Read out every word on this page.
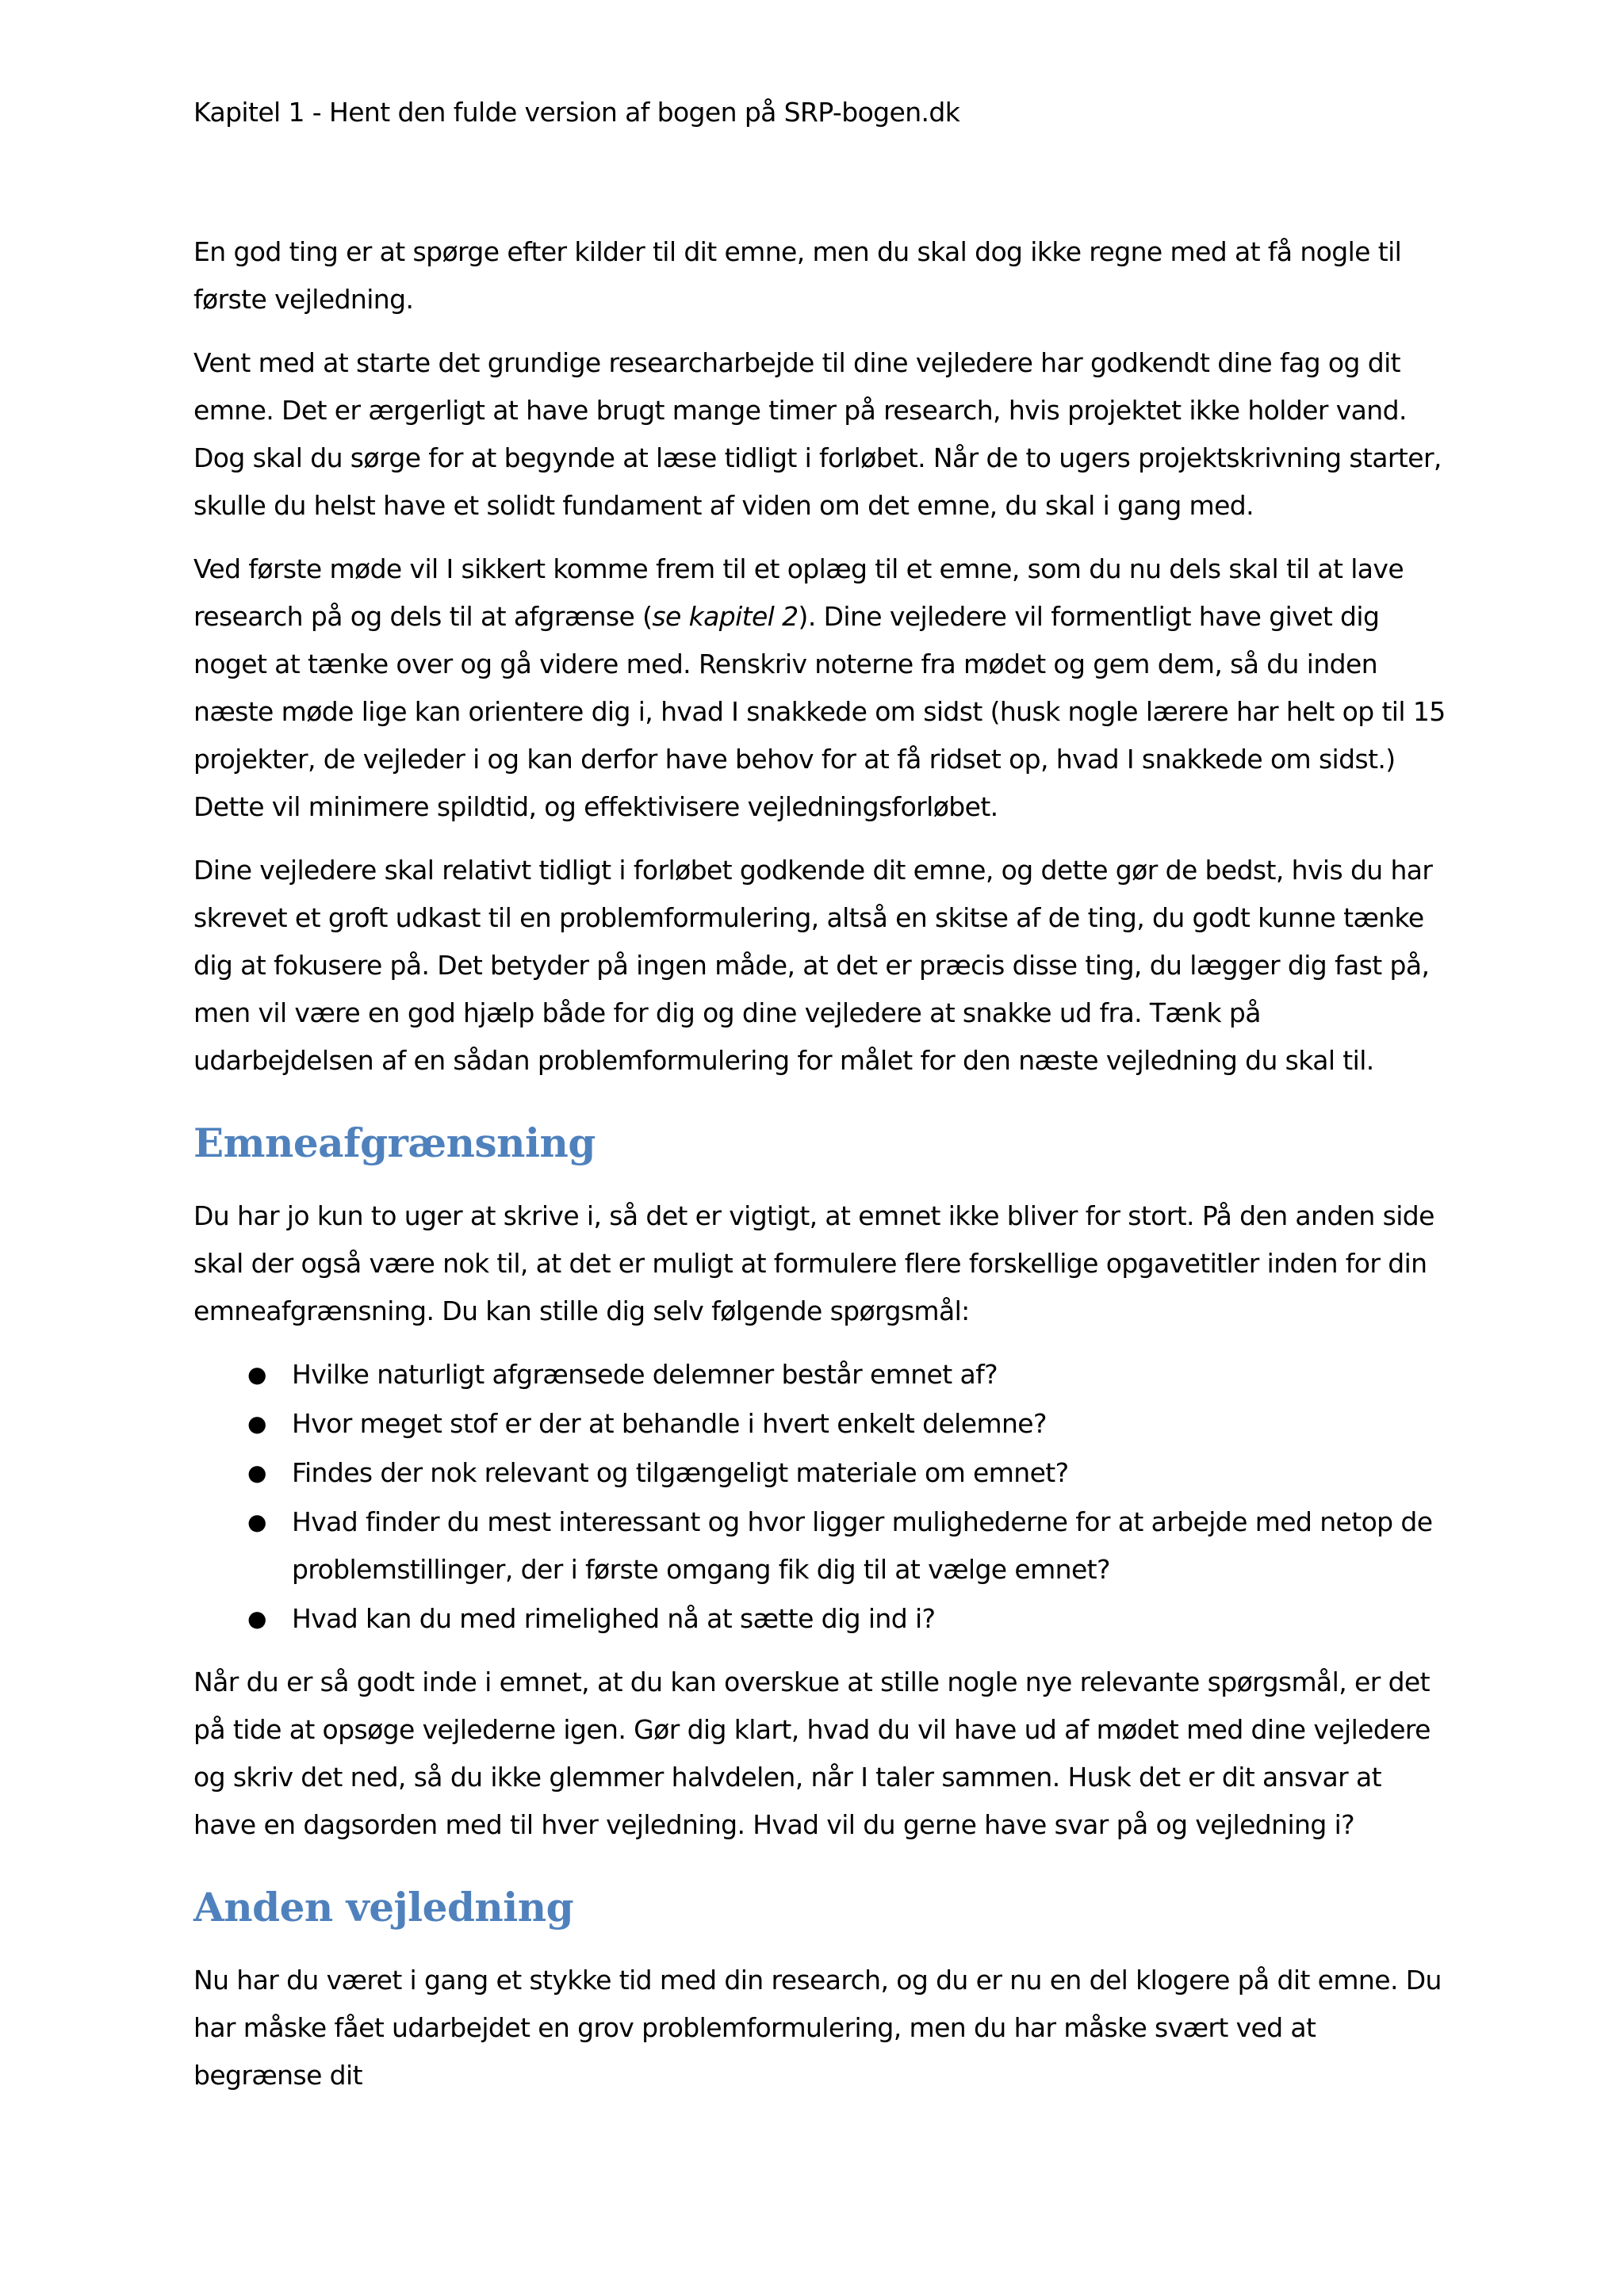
Kapitel 1 - Hent den fulde version af bogen på SRP-bogen.dk

En god ting er at spørge efter kilder til dit emne, men du skal dog ikke regne med at få nogle til første vejledning.

Vent med at starte det grundige researcharbejde til dine vejledere har godkendt dine fag og dit emne. Det er ærgerligt at have brugt mange timer på research, hvis projektet ikke holder vand. Dog skal du sørge for at begynde at læse tidligt i forløbet. Når de to ugers projektskrivning starter, skulle du helst have et solidt fundament af viden om det emne, du skal i gang med.

Ved første møde vil I sikkert komme frem til et oplæg til et emne, som du nu dels skal til at lave research på og dels til at afgrænse (se kapitel 2). Dine vejledere vil formentligt have givet dig noget at tænke over og gå videre med. Renskriv noterne fra mødet og gem dem, så du inden næste møde lige kan orientere dig i, hvad I snakkede om sidst (husk nogle lærere har helt op til 15 projekter, de vejleder i og kan derfor have behov for at få ridset op, hvad I snakkede om sidst.) Dette vil minimere spildtid, og effektivisere vejledningsforløbet.

Dine vejledere skal relativt tidligt i forløbet godkende dit emne, og dette gør de bedst, hvis du har skrevet et groft udkast til en problemformulering, altså en skitse af de ting, du godt kunne tænke dig at fokusere på. Det betyder på ingen måde, at det er præcis disse ting, du lægger dig fast på, men vil være en god hjælp både for dig og dine vejledere at snakke ud fra. Tænk på udarbejdelsen af en sådan problemformulering for målet for den næste vejledning du skal til.

Emneafgrænsning

Du har jo kun to uger at skrive i, så det er vigtigt, at emnet ikke bliver for stort. På den anden side skal der også være nok til, at det er muligt at formulere flere forskellige opgavetitler inden for din emneafgrænsning. Du kan stille dig selv følgende spørgsmål:

● Hvilke naturligt afgrænsede delemner består emnet af?
● Hvor meget stof er der at behandle i hvert enkelt delemne?
● Findes der nok relevant og tilgængeligt materiale om emnet?
● Hvad finder du mest interessant og hvor ligger mulighederne for at arbejde med netop de problemstillinger, der i første omgang fik dig til at vælge emnet?
● Hvad kan du med rimelighed nå at sætte dig ind i?

Når du er så godt inde i emnet, at du kan overskue at stille nogle nye relevante spørgsmål, er det på tide at opsøge vejlederne igen. Gør dig klart, hvad du vil have ud af mødet med dine vejledere og skriv det ned, så du ikke glemmer halvdelen, når I taler sammen. Husk det er dit ansvar at have en dagsorden med til hver vejledning. Hvad vil du gerne have svar på og vejledning i?

Anden vejledning

Nu har du været i gang et stykke tid med din research, og du er nu en del klogere på dit emne. Du har måske fået udarbejdet en grov problemformulering, men du har måske svært ved at begrænse dit
